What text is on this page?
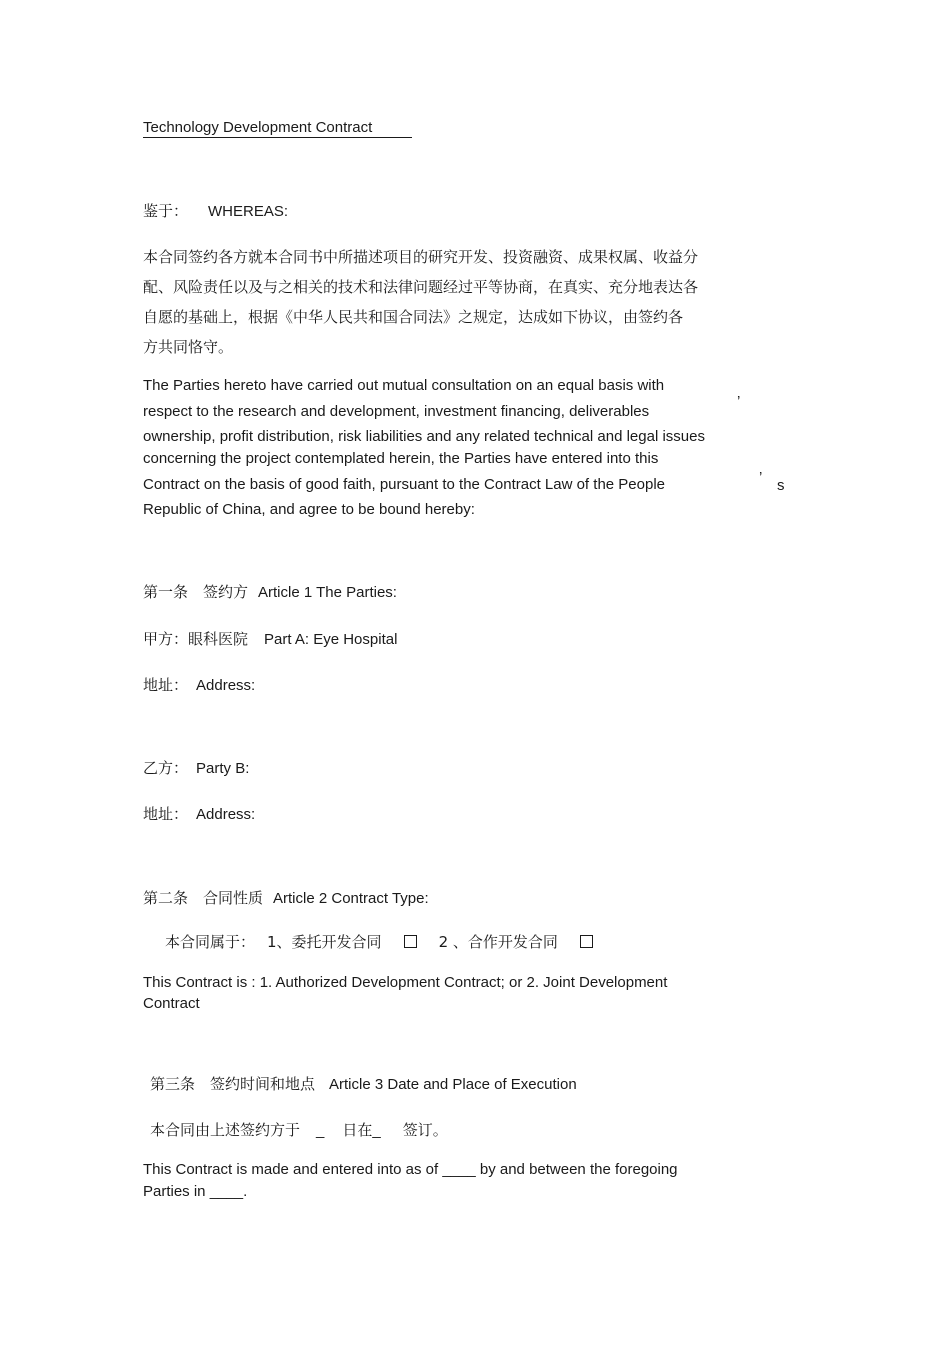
Technology Development Contract
鉴于： WHEREAS:
本合同签约各方就本合同书中所描述项目的研究开发、投资融资、成果权属、收益分
配、风险责任以及与之相关的技术和法律问题经过平等协商，在真实、充分地表达各
自愿的基础上，根据《中华人民共和国合同法》之规定，达成如下协议，由签约各
方共同恪守。
The Parties hereto have carried out mutual consultation on an equal basis with
respect to the research and development, investment financing, deliverables
ownership, profit distribution, risk liabilities and any related technical and legal issues
concerning the project contemplated herein, the Parties have entered into this
Contract on the basis of good faith, pursuant to the Contract Law of the People
Republic of China, and agree to be bound hereby:
’
’ s
第一条　签约方 Article 1 The Parties:
甲方：眼科医院 Part A: Eye Hospital
地址： Address:
乙方： Party B:
地址： Address:
第二条　合同性质 Article 2 Contract Type:
本合同属于： 1、委托开发合同	2 、合作开发合同
This Contract is : 1. Authorized Development Contract; or 2. Joint Development
Contract
第三条　签约时间和地点 Article 3 Date and Place of Execution
本合同由上述签约方于 _ 日在_ 签订。
This Contract is made and entered into as of ____ by and between the foregoing
Parties in ____.
